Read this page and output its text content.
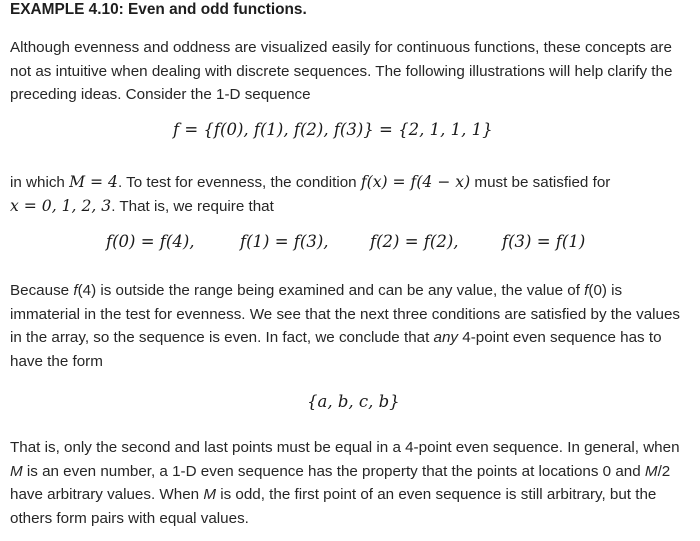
EXAMPLE 4.10: Even and odd functions.

Although evenness and oddness are visualized easily for continuous functions, these concepts are not as intuitive when dealing with discrete sequences. The following illustrations will help clarify the preceding ideas. Consider the 1-D sequence

f = {f(0), f(1), f(2), f(3)} = {2, 1, 1, 1}

in which M = 4. To test for evenness, the condition f(x) = f(4 − x) must be satisfied for
x = 0, 1, 2, 3. That is, we require that

f(0) = f(4),	f(1) = f(3),	f(2) = f(2),	f(3) = f(1)

Because f(4) is outside the range being examined and can be any value, the value of f(0) is immaterial in the test for evenness. We see that the next three conditions are satisfied by the values in the array, so the sequence is even. In fact, we conclude that any 4-point even sequence has to have the form

{a, b, c, b}

That is, only the second and last points must be equal in a 4-point even sequence. In general, when M is an even number, a 1-D even sequence has the property that the points at locations 0 and M/2 have arbitrary values. When M is odd, the first point of an even sequence is still arbitrary, but the others form pairs with equal values.
